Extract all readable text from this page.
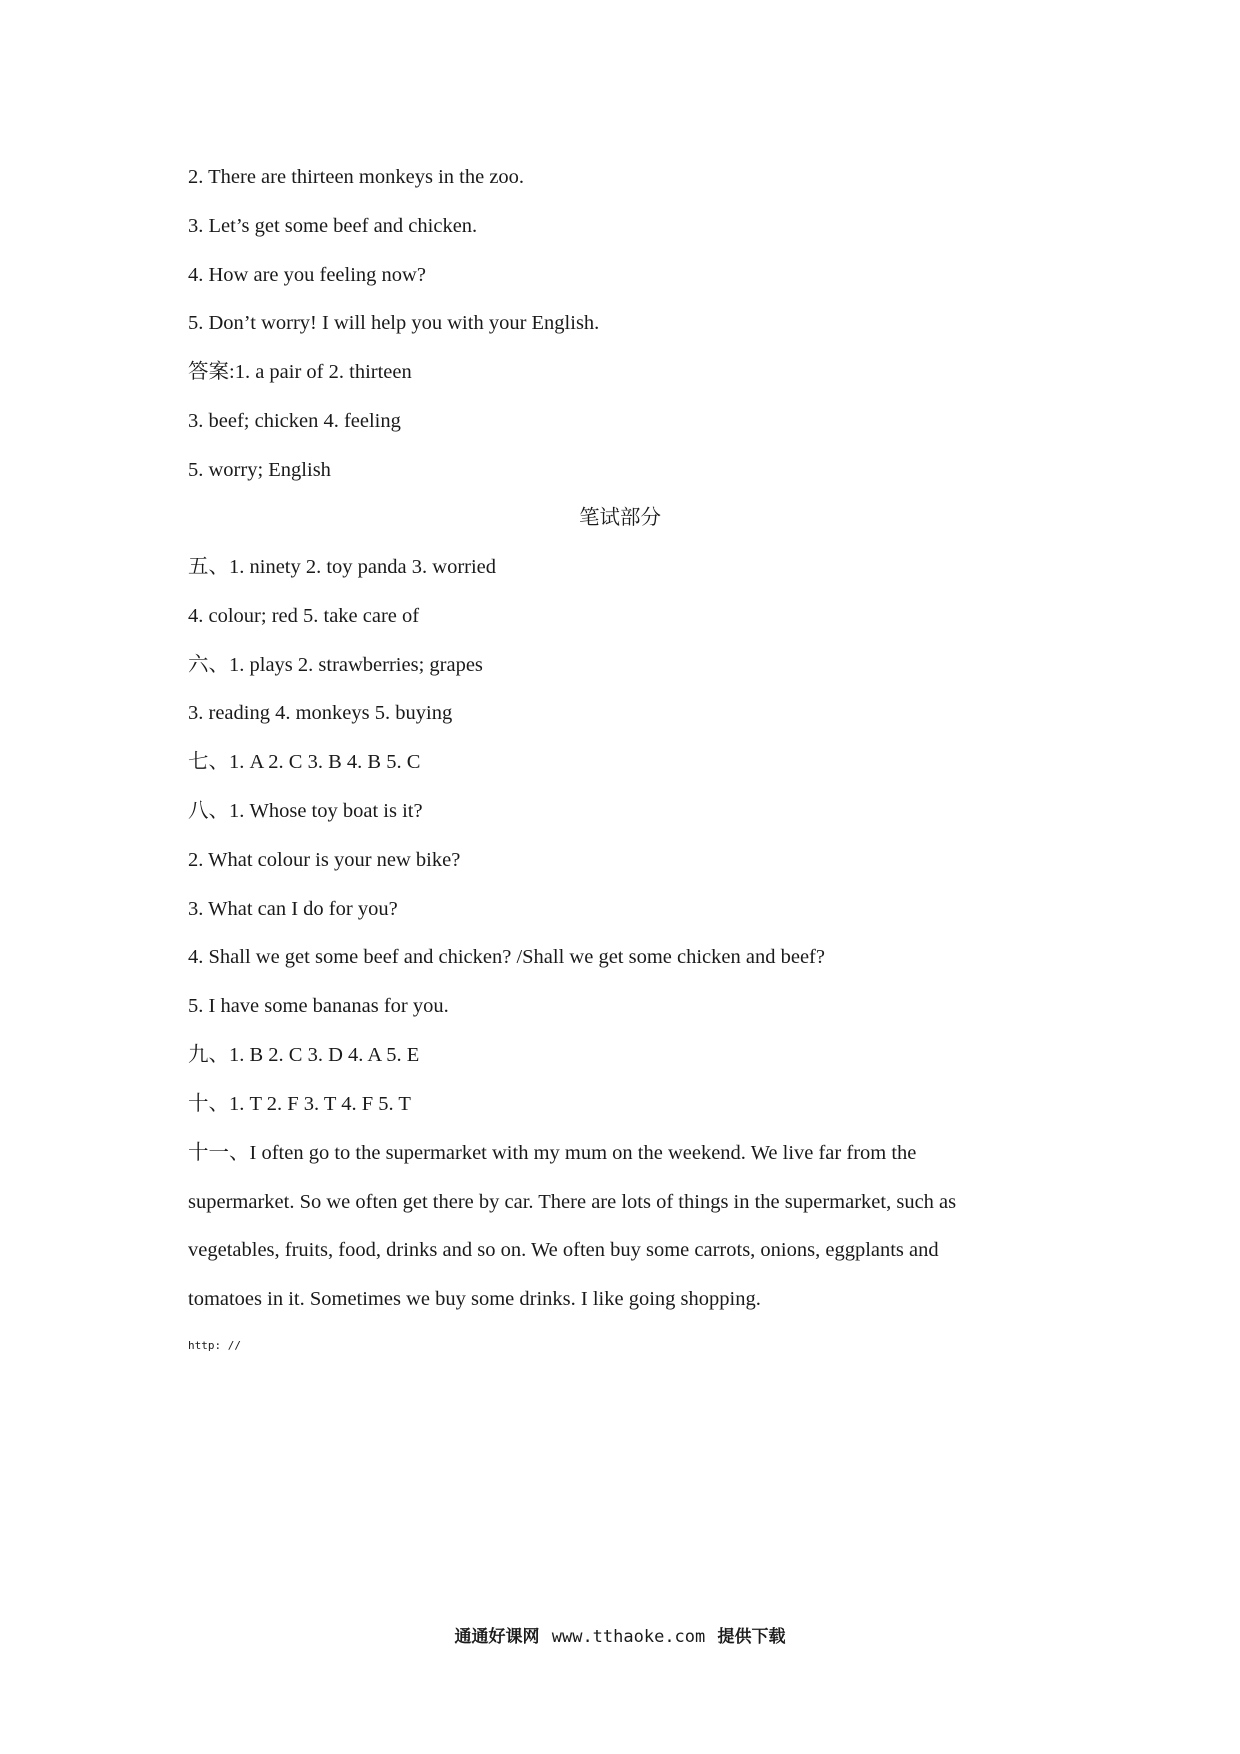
2. There are thirteen monkeys in the zoo.
3. Let’s get some beef and chicken.
4. How are you feeling now?
5. Don’t worry! I will help you with your English.
答案:1. a pair of 2. thirteen
3. beef; chicken 4. feeling
5. worry; English
笔试部分
五、1. ninety 2. toy panda 3. worried
4. colour; red 5. take care of
六、1. plays 2. strawberries; grapes
3. reading 4. monkeys 5. buying
七、1. A 2. C 3. B 4. B 5. C
八、1. Whose toy boat is it?
2. What colour is your new bike?
3. What can I do for you?
4. Shall we get some beef and chicken? /Shall we get some chicken and beef?
5. I have some bananas for you.
九、1. B 2. C 3. D 4. A 5. E
十、1. T 2. F 3. T 4. F 5. T
十一、I often go to the supermarket with my mum on the weekend. We live far from the
supermarket. So we often get there by car. There are lots of things in the supermarket, such as
vegetables, fruits, food, drinks and so on. We often buy some carrots, onions, eggplants and
tomatoes in it. Sometimes we buy some drinks. I like going shopping.
http: //
通通好课网 www.tthaoke.com 提供下载
